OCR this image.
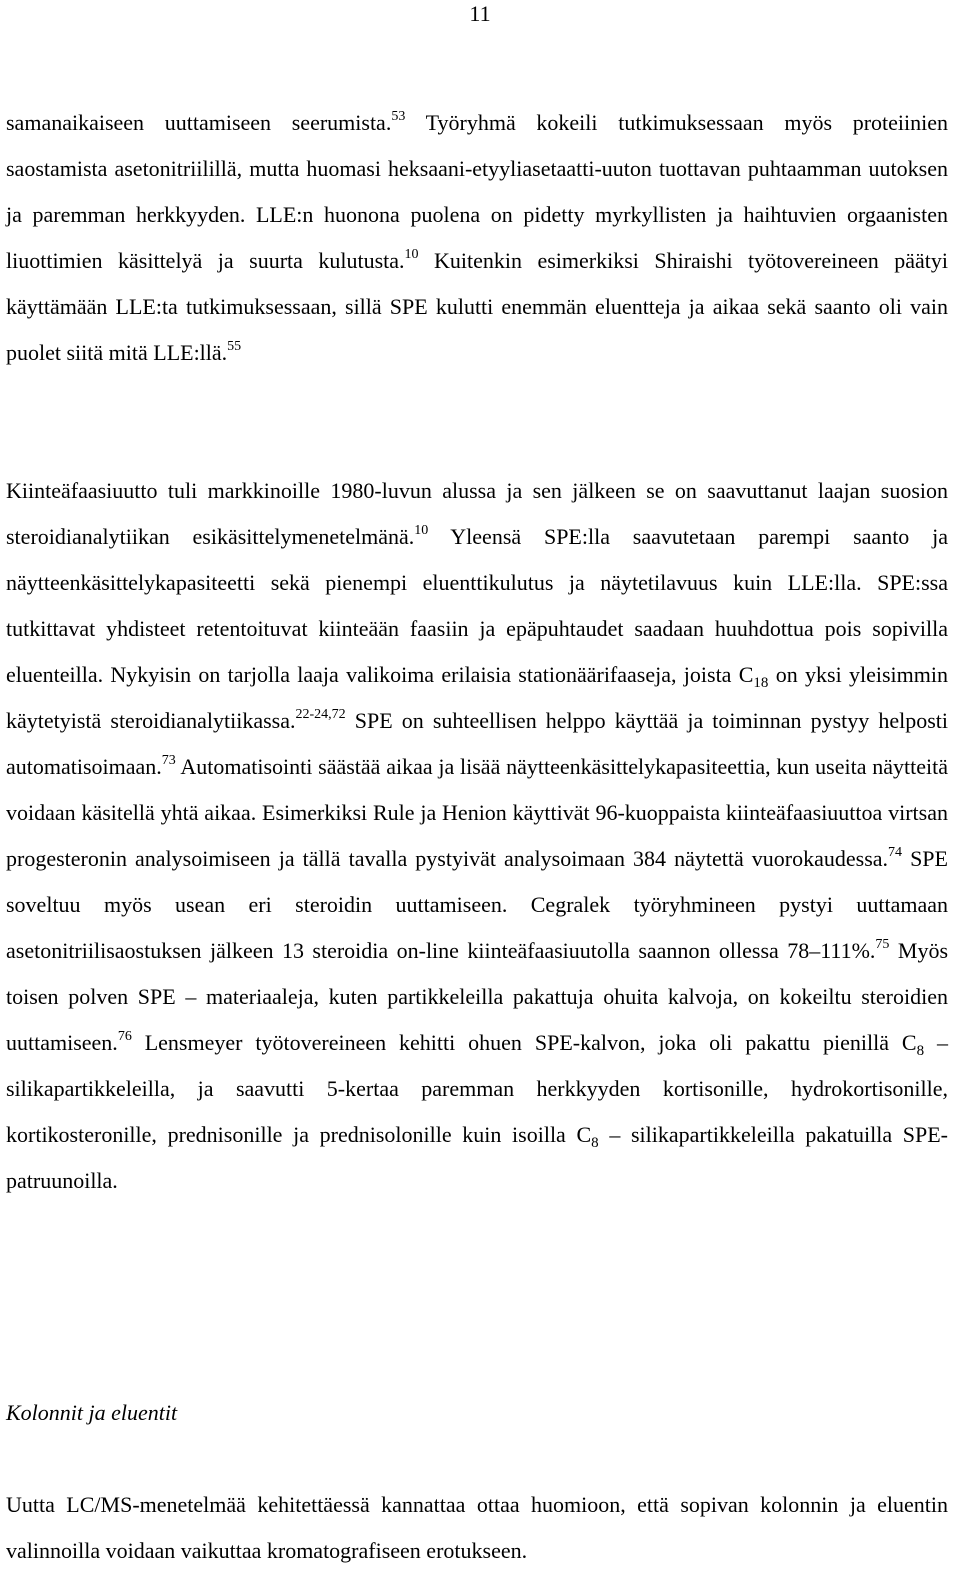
11

samanaikaiseen uuttamiseen seerumista.$^{53}$ Työryhmä kokeili tutkimuksessaan myös proteiinien saostamista asetonitriilillä, mutta huomasi heksaani-etyyliasetaatti-uuton tuottavan puhtaamman uutoksen ja paremman herkkyyden. LLE:n huonona puolena on pidetty myrkyllisten ja haihtuvien orgaanisten liuottimien käsittelyä ja suurta kulutusta.$^{10}$ Kuitenkin esimerkiksi Shiraishi työtovereineen päätyi käyttämään LLE:ta tutkimuksessaan, sillä SPE kulutti enemmän eluentteja ja aikaa sekä saanto oli vain puolet siitä mitä LLE:llä.$^{55}$

Kiinteäfaasiuutto tuli markkinoille 1980-luvun alussa ja sen jälkeen se on saavuttanut laajan suosion steroidianalytiikan esikäsittelymenetelmänä.$^{10}$ Yleensä SPE:lla saavutetaan parempi saanto ja näytteenkäsittelykapasiteetti sekä pienempi eluenttikulutus ja näytetilavuus kuin LLE:lla. SPE:ssa tutkittavat yhdisteet retentoituvat kiinteään faasiin ja epäpuhtaudet saadaan huuhdottua pois sopivilla eluenteilla. Nykyisin on tarjolla laaja valikoima erilaisia stationäärifaaseja, joista $C_{18}$ on yksi yleisimmin käytetyistä steroidianalytiikassa.$^{22-24,72}$ SPE on suhteellisen helppo käyttää ja toiminnan pystyy helposti automatisoimaan.$^{73}$ Automatisointi säästää aikaa ja lisää näytteenkäsittelykapasiteettia, kun useita näytteitä voidaan käsitellä yhtä aikaa. Esimerkiksi Rule ja Henion käyttivät 96-kuoppaista kiinteäfaasiuuttoa virtsan progesteronin analysoimiseen ja tällä tavalla pystyivät analysoimaan 384 näytettä vuorokaudessa.$^{74}$ SPE soveltuu myös usean eri steroidin uuttamiseen. Cegralek työryhmineen pystyi uuttamaan asetonitriilisaostuksen jälkeen 13 steroidia on-line kiinteäfaasiuutolla saannon ollessa 78–111%.$^{75}$ Myös toisen polven SPE – materiaaleja, kuten partikkeleilla pakattuja ohuita kalvoja, on kokeiltu steroidien uuttamiseen.$^{76}$ Lensmeyer työtovereineen kehitti ohuen SPE-kalvon, joka oli pakattu pienillä $C_8$ – silikapartikkeleilla, ja saavutti 5-kertaa paremman herkkyyden kortisonille, hydrokortisonille, kortikosteronille, prednisonille ja prednisolonille kuin isoilla $C_8$ – silikapartikkeleilla pakatuilla SPE-patruunoilla.

Kolonnit ja eluentit

Uutta LC/MS-menetelmää kehitettäessä kannattaa ottaa huomioon, että sopivan kolonnin ja eluentin valinnoilla voidaan vaikuttaa kromatografiseen erotukseen.
